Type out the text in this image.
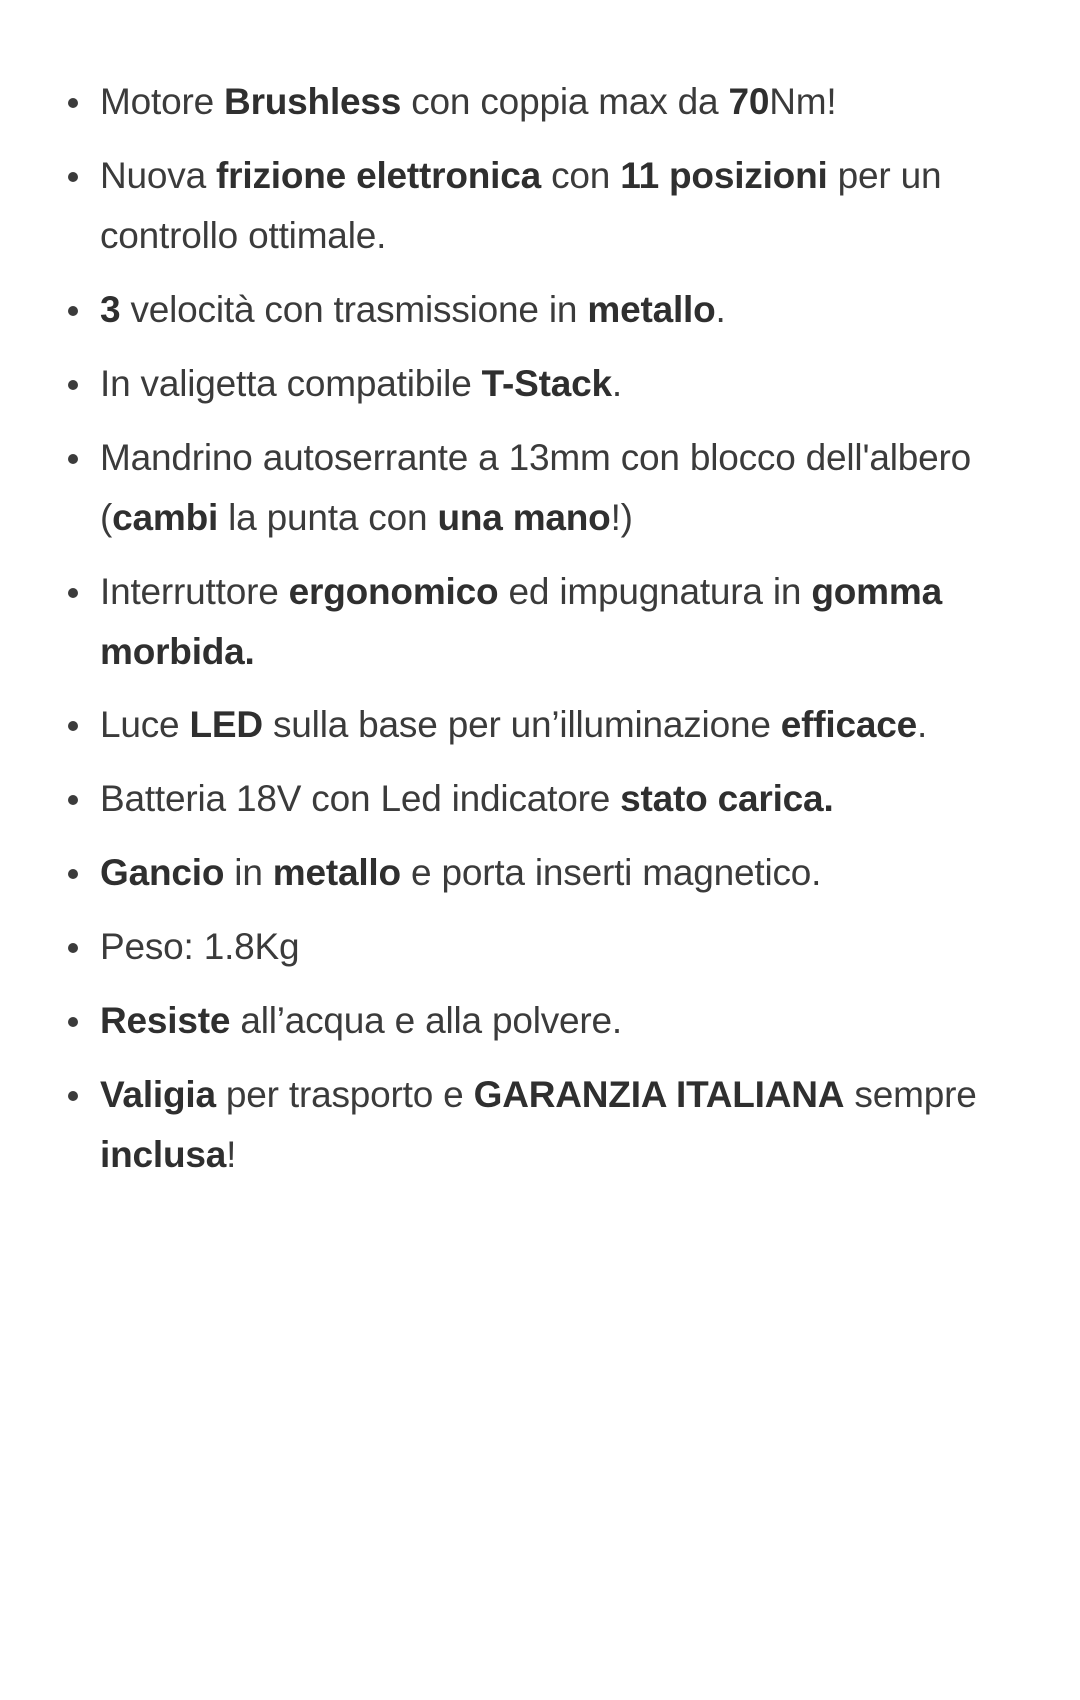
Motore Brushless con coppia max da 70Nm!
Nuova frizione elettronica con 11 posizioni per un controllo ottimale.
3 velocità con trasmissione in metallo.
In valigetta compatibile T-Stack.
Mandrino autoserrante a 13mm con blocco dell'albero (cambi la punta con una mano!)
Interruttore ergonomico ed impugnatura in gomma morbida.
Luce LED sulla base per un’illuminazione efficace.
Batteria 18V con Led indicatore stato carica.
Gancio in metallo e porta inserti magnetico.
Peso: 1.8Kg
Resiste all’acqua e alla polvere.
Valigia per trasporto e GARANZIA ITALIANA sempre inclusa!
